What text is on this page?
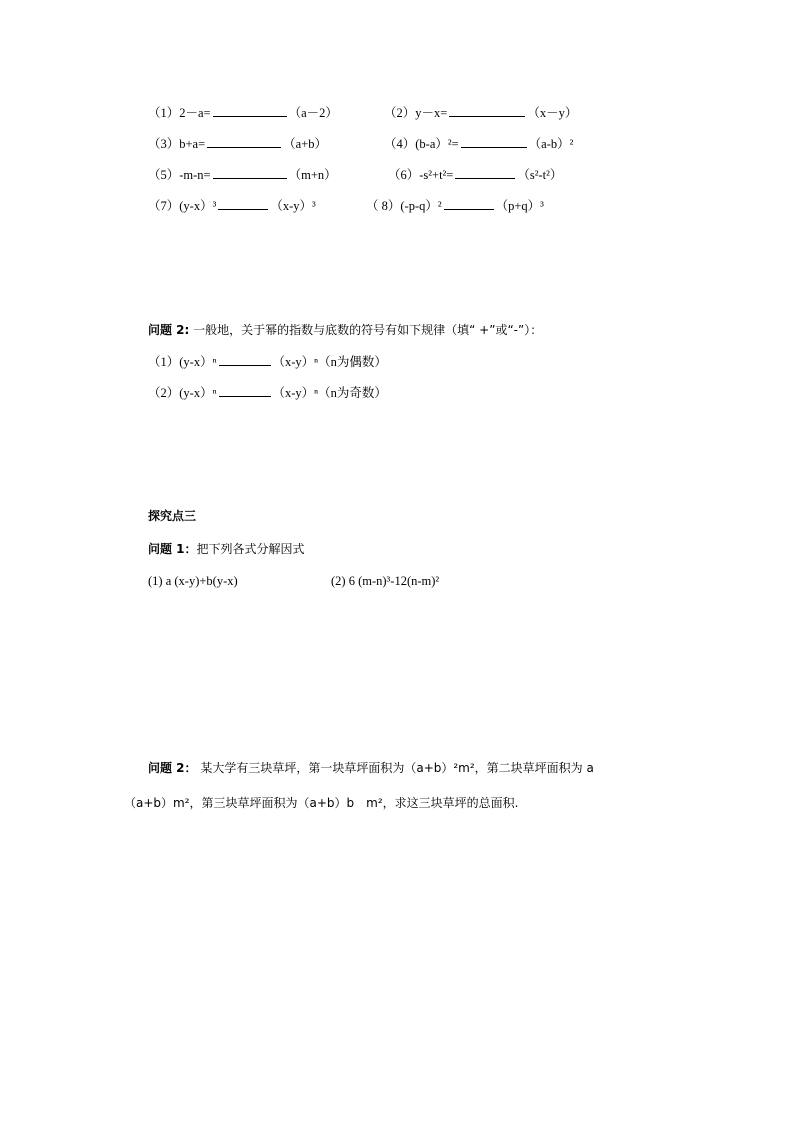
（1）2－a=	（a－2）	（2）y－x=	（x－y）
（3）b+a=	（a+b）	（4）(b-a）²=	（a-b）²
（5）-m-n=	（m+n）	（6）-s²+t²=	（s²-t²）
（7）(y-x）³	（x-y）³	（ 8）(-p-q）²	（p+q）³
问题 2: 一般地，关于幂的指数与底数的符号有如下规律（填“ +”或“-”）：
（1）(y-x）ⁿ	（x-y）ⁿ（n为偶数）
（2）(y-x）ⁿ	（x-y）ⁿ（n为奇数）
探究点三
问题 1：把下列各式分解因式
(1) a (x-y)+b(y-x)	(2) 6 (m-n)³-12(n-m)²
问题 2： 某大学有三块草坪，第一块草坪面积为（a+b）²m²，第二块草坪面积为 a
（a+b）m²，第三块草坪面积为（a+b）b　m²，求这三块草坪的总面积.
